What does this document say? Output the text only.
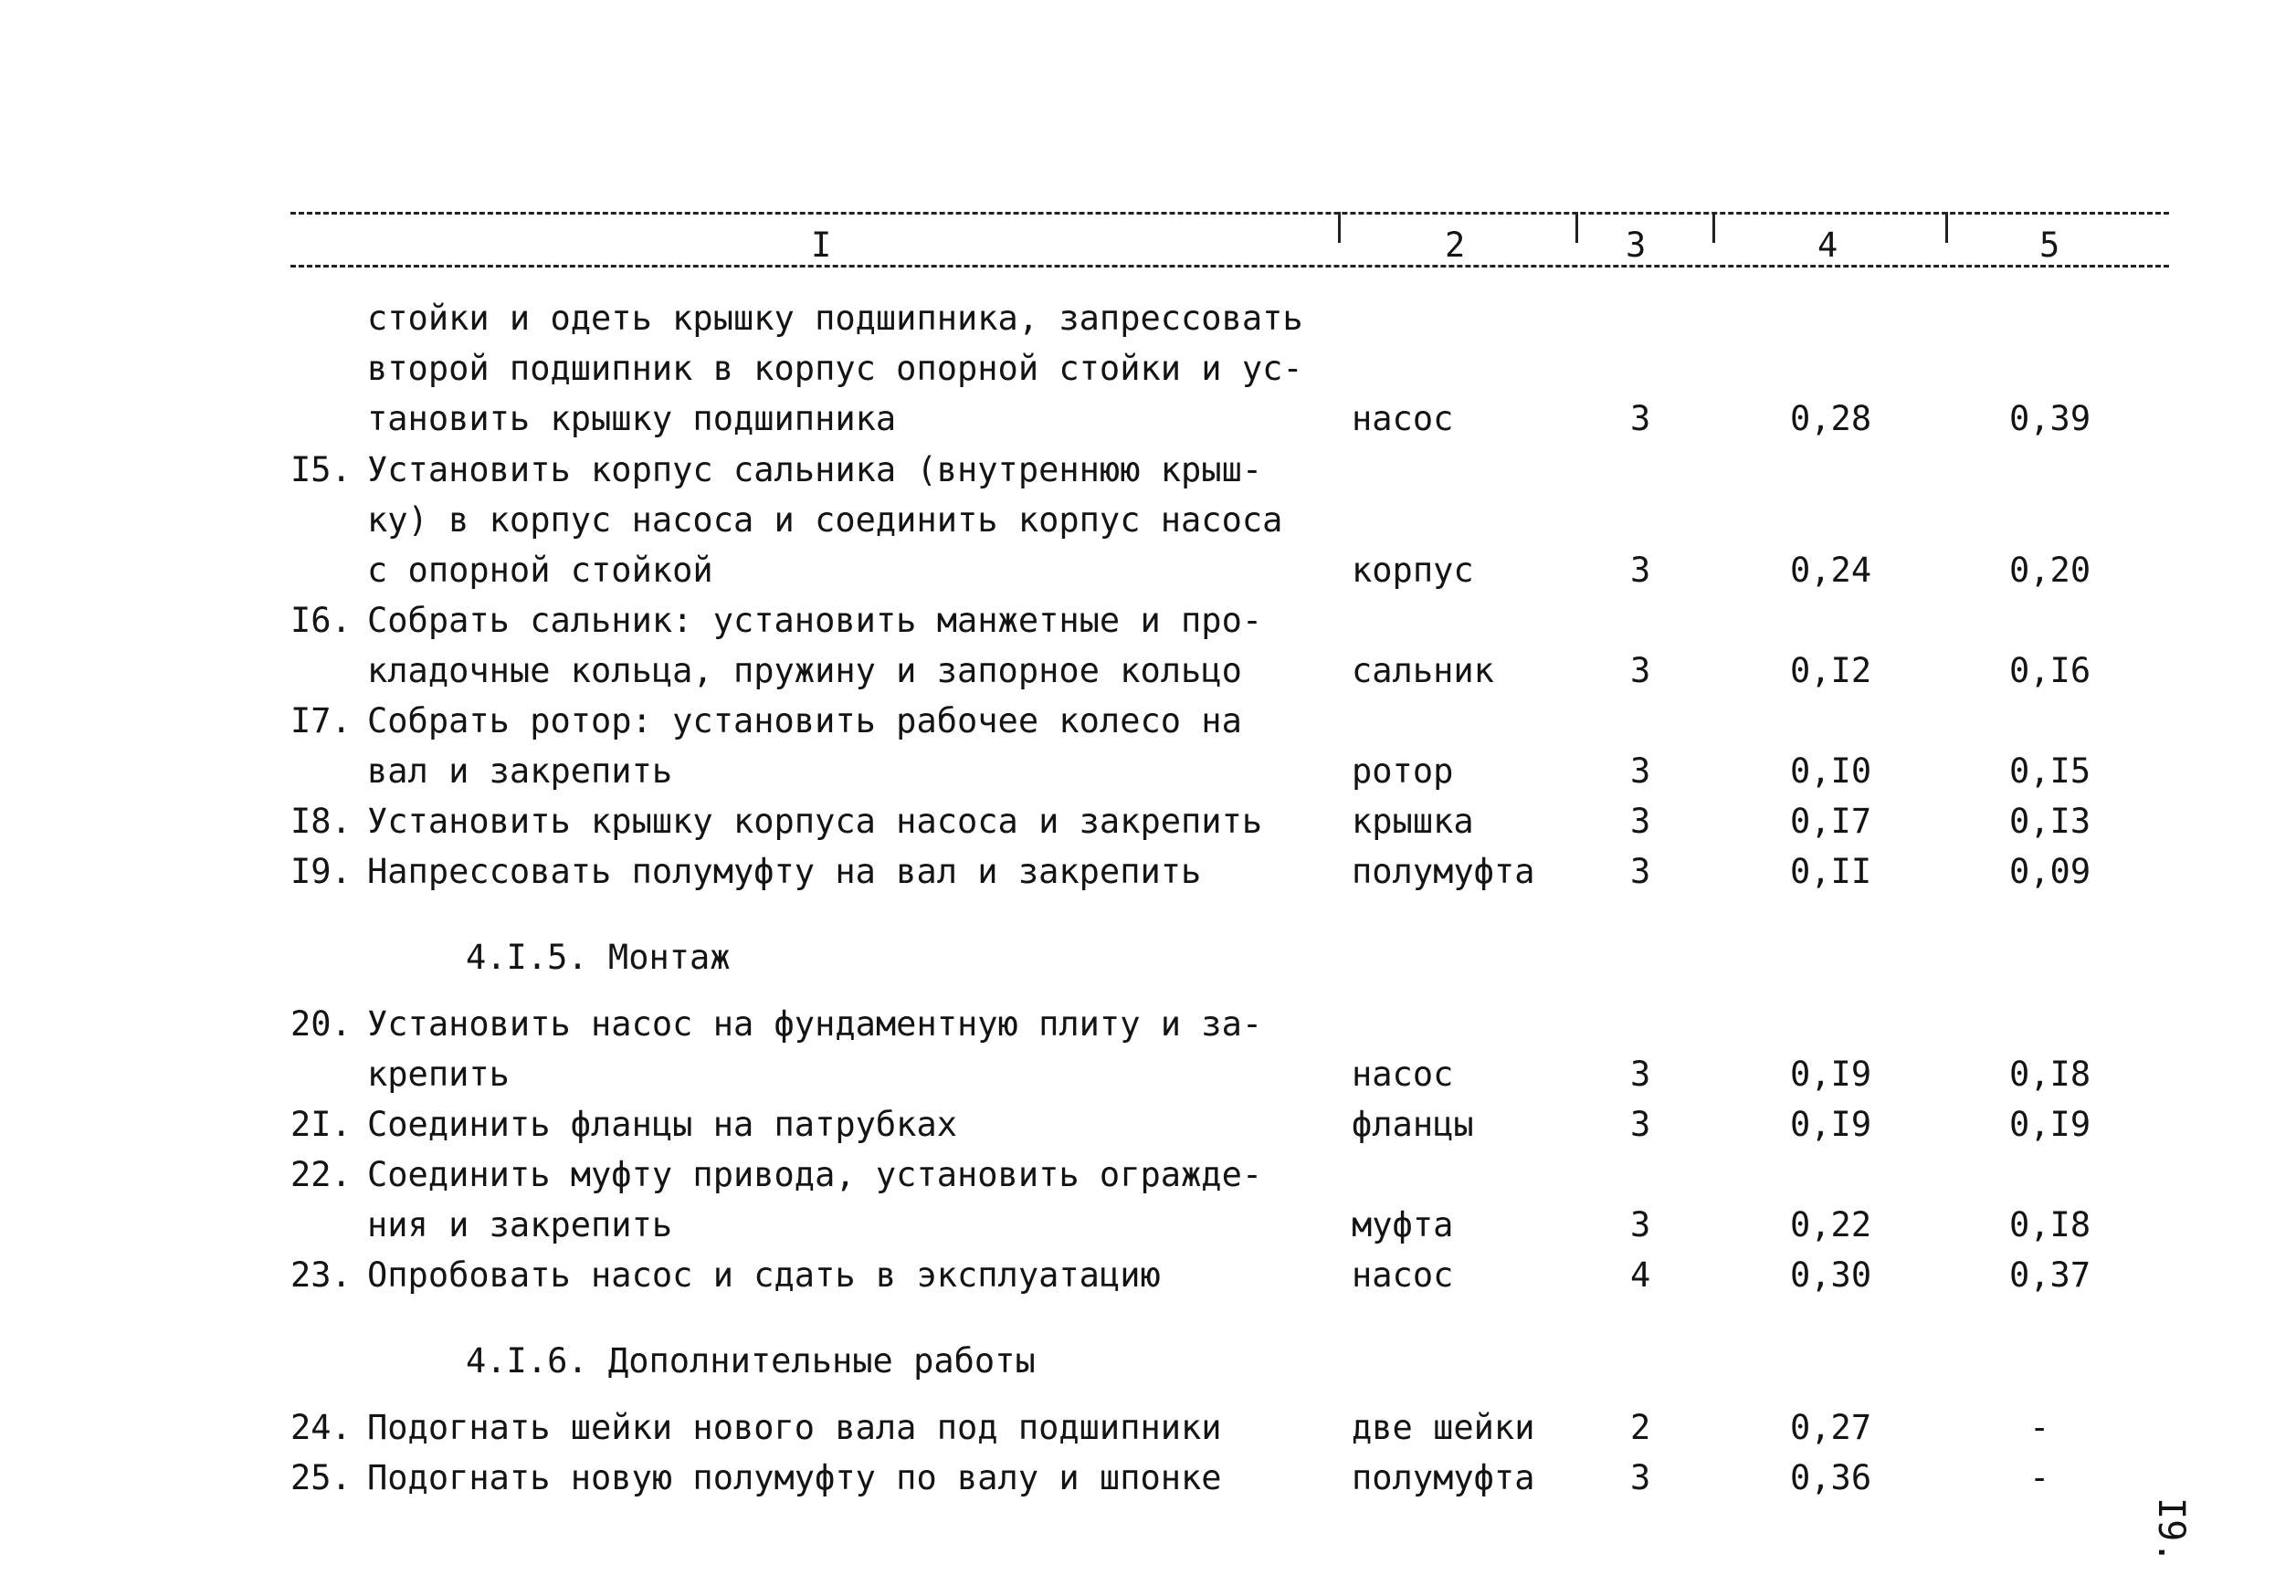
I	2	3	4	5
стойки и одеть крышку подшипника, запрессовать
второй подшипник в корпус опорной стойки и ус-
тановить крышку подшипника	насос	3	0,28	0,39
I5. Установить корпус сальника (внутреннюю крыш-
ку) в корпус насоса и соединить корпус насоса
с опорной стойкой	корпус	3	0,24	0,20
I6. Собрать сальник: установить манжетные и про-
кладочные кольца, пружину и запорное кольцо	сальник	3	0,I2	0,I6
I7. Собрать ротор: установить рабочее колесо на
вал и закрепить	ротор	3	0,I0	0,I5
I8. Установить крышку корпуса насоса и закрепить	крышка	3	0,I7	0,I3
I9. Напрессовать полумуфту на вал и закрепить	полумуфта	3	0,II	0,09
4.I.5. Монтаж
20. Установить насос на фундаментную плиту и за-
крепить	насос	3	0,I9	0,I8
2I. Соединить фланцы на патрубках	фланцы	3	0,I9	0,I9
22. Соединить муфту привода, установить огражде-
ния и закрепить	муфта	3	0,22	0,I8
23. Опробовать насос и сдать в эксплуатацию	насос	4	0,30	0,37
4.I.6. Дополнительные работы
24. Подогнать шейки нового вала под подшипники	две шейки	2	0,27	-
25. Подогнать новую полумуфту по валу и шпонке	полумуфта	3	0,36	-
I9.
